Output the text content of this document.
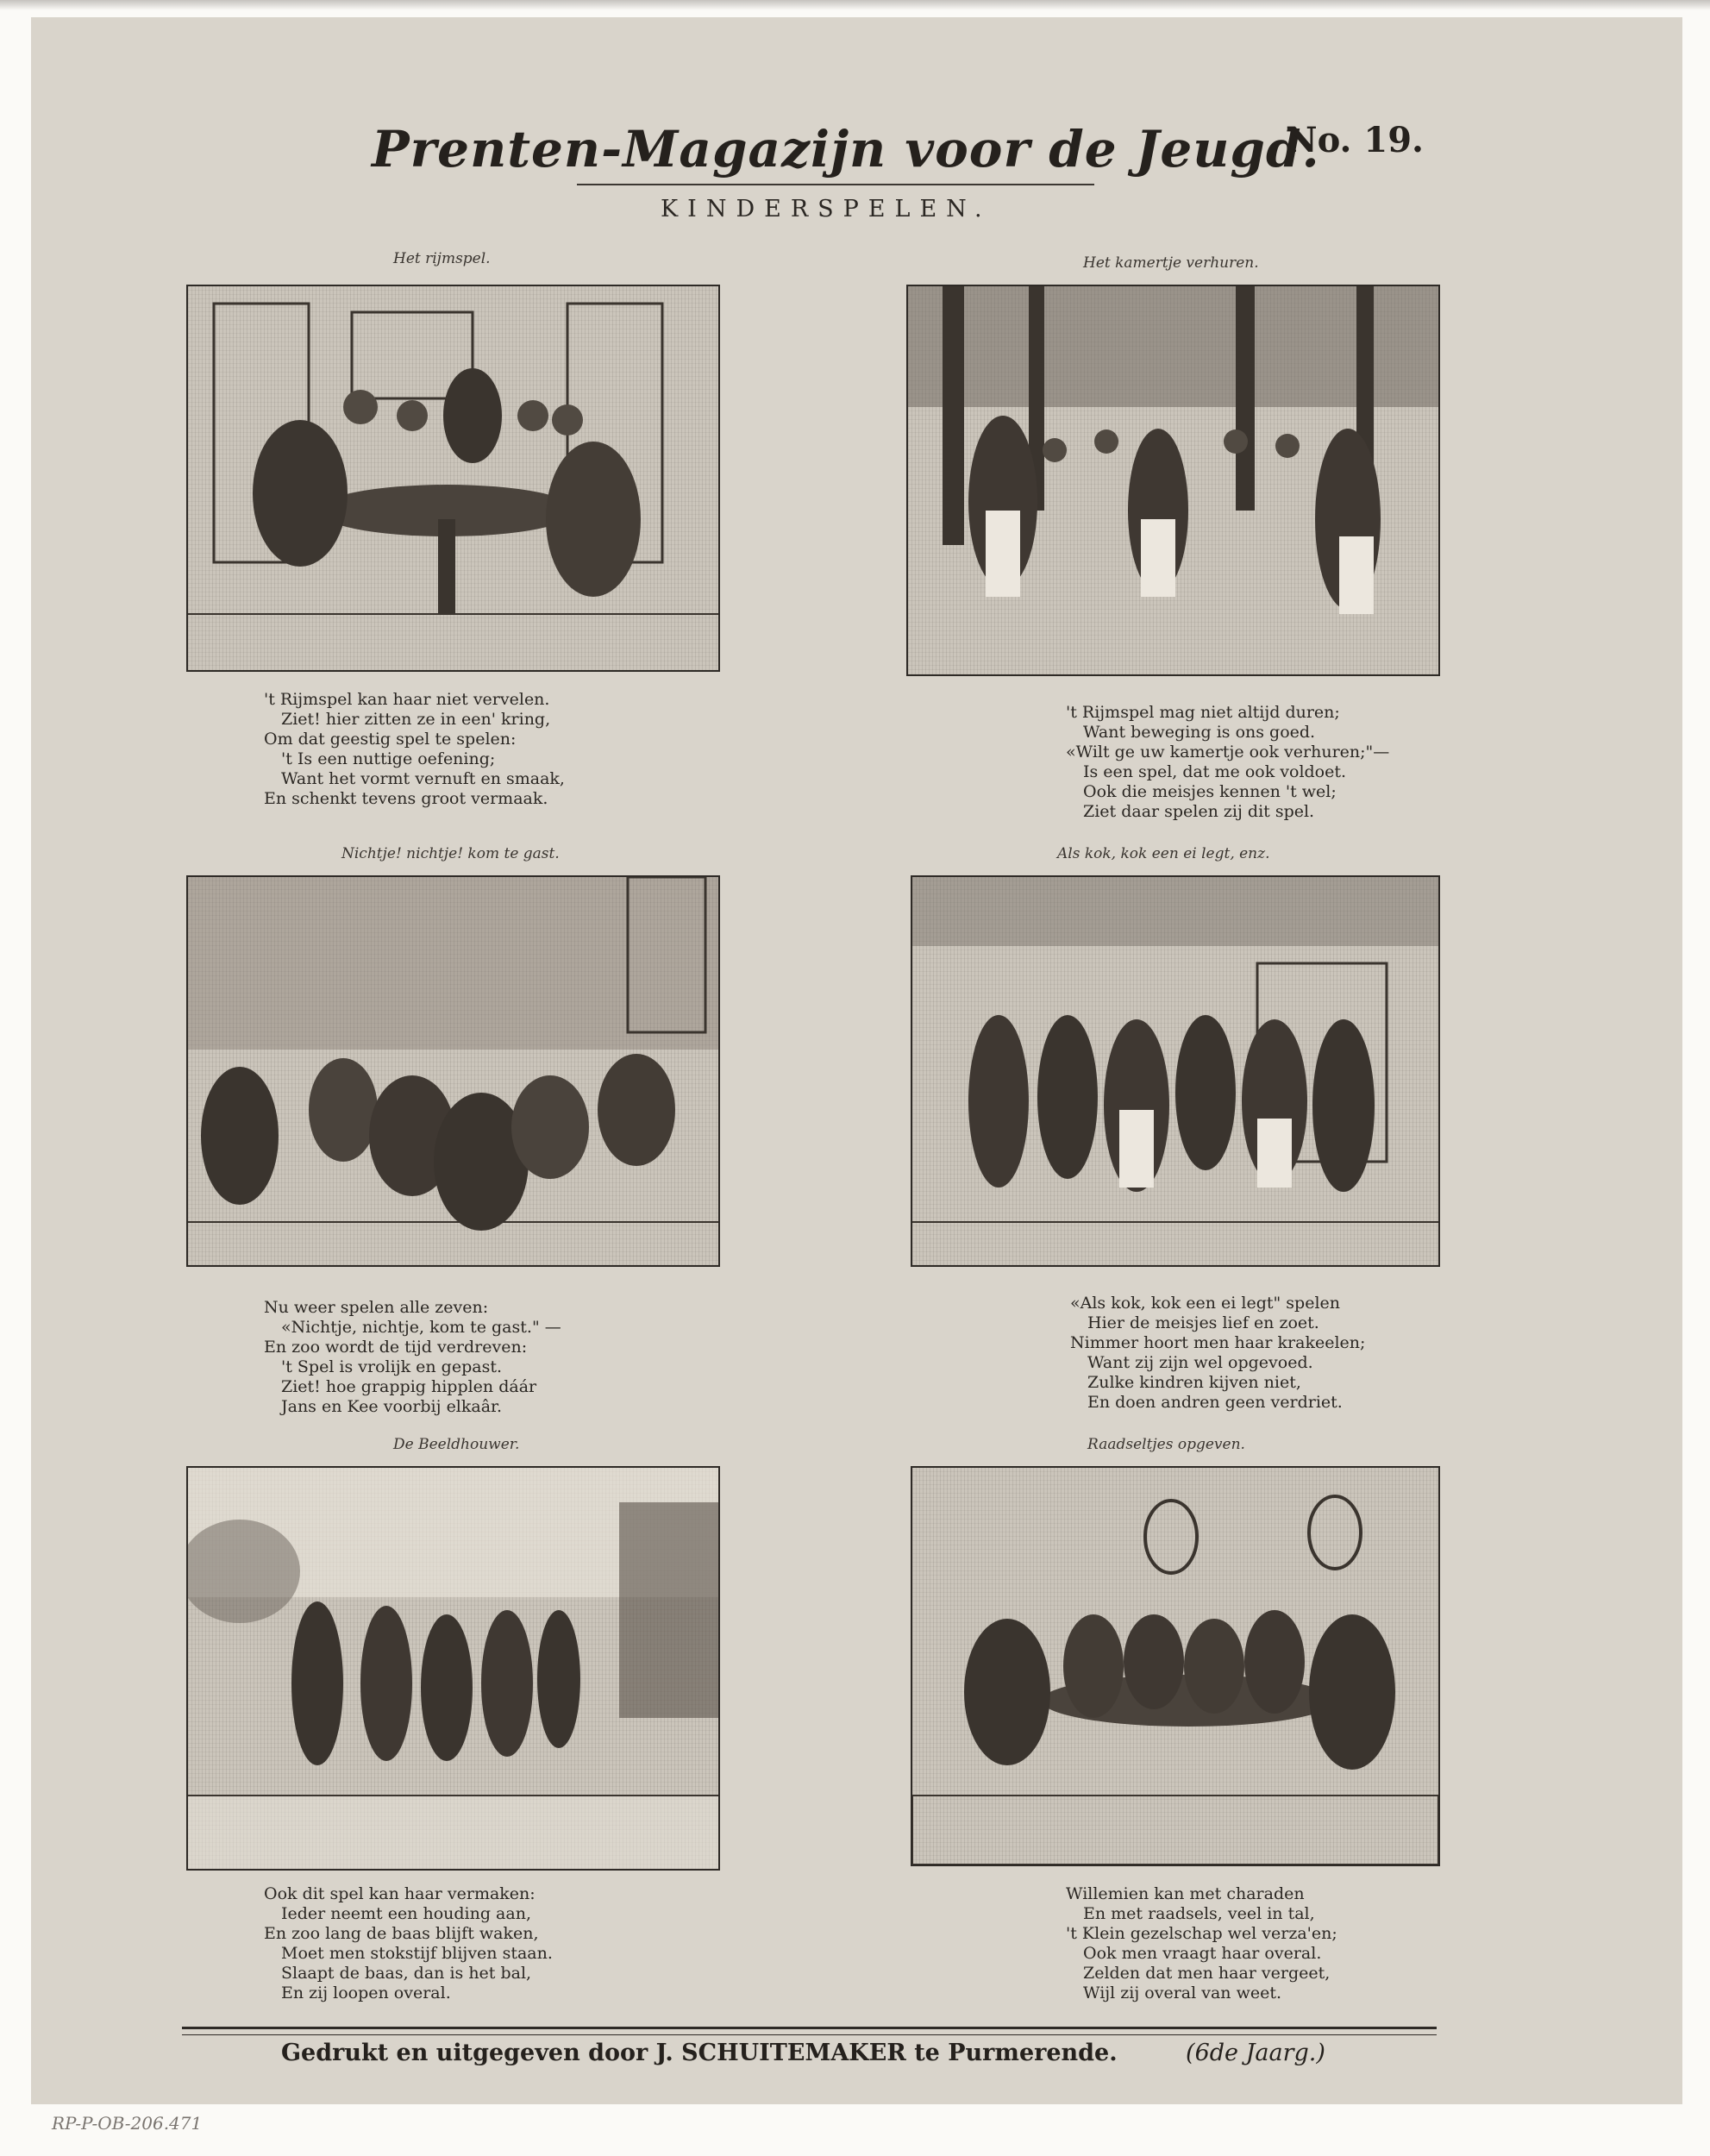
Prenten-Magazijn voor de Jeugd.
No. 19.
KINDERSPELEN.
Het rijmspel.
't Rijmspel kan haar niet vervelen.
Ziet! hier zitten ze in een' kring,
Om dat geestig spel te spelen:
't Is een nuttige oefening;
Want het vormt vernuft en smaak,
En schenkt tevens groot vermaak.
Het kamertje verhuren.
't Rijmspel mag niet altijd duren;
Want beweging is ons goed.
«Wilt ge uw kamertje ook verhuren;"—
Is een spel, dat me ook voldoet.
Ook die meisjes kennen 't wel;
Ziet daar spelen zij dit spel.
Nichtje! nichtje! kom te gast.
Nu weer spelen alle zeven:
«Nichtje, nichtje, kom te gast." —
En zoo wordt de tijd verdreven:
't Spel is vrolijk en gepast.
Ziet! hoe grappig hipplen dáár
Jans en Kee voorbij elkaâr.
Als kok, kok een ei legt, enz.
«Als kok, kok een ei legt" spelen
Hier de meisjes lief en zoet.
Nimmer hoort men haar krakeelen;
Want zij zijn wel opgevoed.
Zulke kindren kijven niet,
En doen andren geen verdriet.
De Beeldhouwer.
Ook dit spel kan haar vermaken:
Ieder neemt een houding aan,
En zoo lang de baas blijft waken,
Moet men stokstijf blijven staan.
Slaapt de baas, dan is het bal,
En zij loopen overal.
Raadseltjes opgeven.
Willemien kan met charaden
En met raadsels, veel in tal,
't Klein gezelschap wel verza'en;
Ook men vraagt haar overal.
Zelden dat men haar vergeet,
Wijl zij overal van weet.
Gedrukt en uitgegeven door J. SCHUITEMAKER te Purmerende.	(6de Jaarg.)
RP-P-OB-206.471
